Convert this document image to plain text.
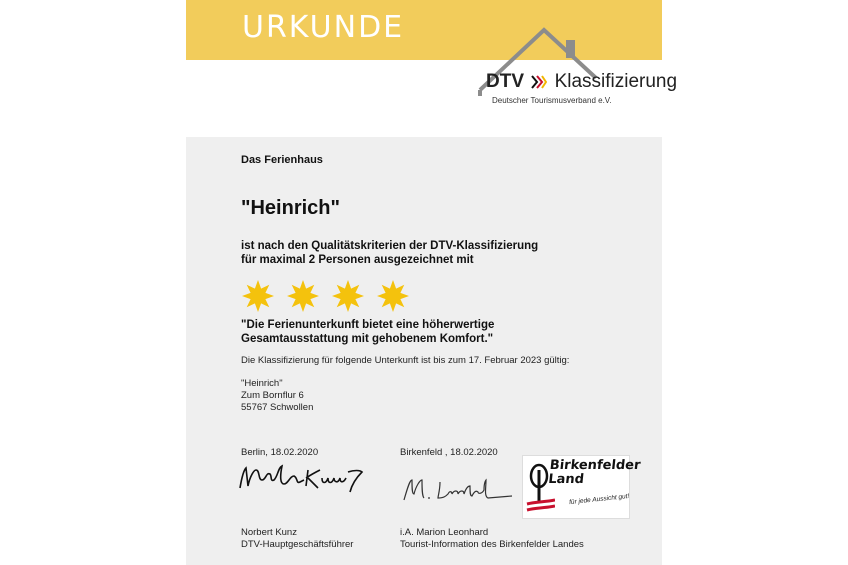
URKUNDE
DTV Klassifizierung
Deutscher Tourismusverband e.V.
Das Ferienhaus
"Heinrich"
ist nach den Qualitätskriterien der DTV-Klassifizierung
für maximal 2 Personen ausgezeichnet mit
"Die Ferienunterkunft bietet eine höherwertige
Gesamtausstattung mit gehobenem Komfort."
Die Klassifizierung für folgende Unterkunft ist bis zum 17. Februar 2023 gültig:
"Heinrich"
Zum Bornflur 6
55767 Schwollen
Berlin, 18.02.2020	Birkenfeld , 18.02.2020
Birkenfelder
Land
für jede Aussicht gut!
Norbert Kunz
DTV-Hauptgeschäftsführer
i.A. Marion Leonhard
Tourist-Information des Birkenfelder Landes
